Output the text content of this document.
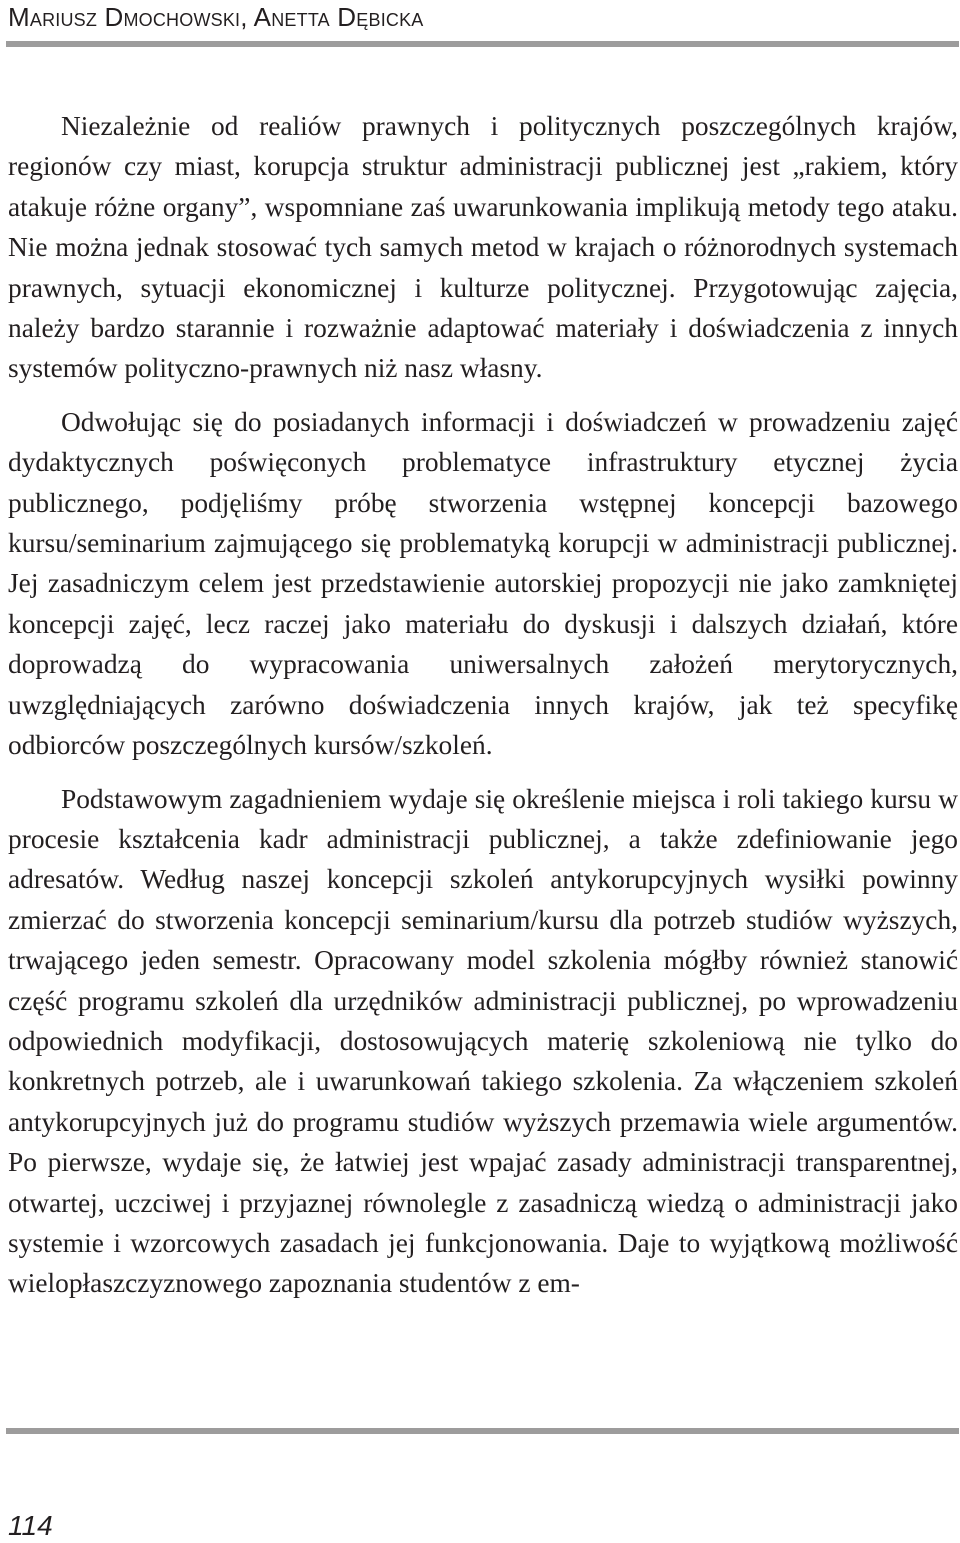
Mariusz Dmochowski, Anetta Dębicka

Niezależnie od realiów prawnych i politycznych poszczególnych krajów, regionów czy miast, korupcja struktur administracji publicznej jest „rakiem, który atakuje różne organy”, wspomniane zaś uwarunkowania implikują metody tego ataku. Nie można jednak stosować tych samych metod w krajach o różnorodnych systemach prawnych, sytuacji ekonomicznej i kulturze politycznej. Przygotowując zajęcia, należy bardzo starannie i rozważnie adaptować materiały i doświadczenia z innych systemów polityczno-prawnych niż nasz własny.

Odwołując się do posiadanych informacji i doświadczeń w prowadzeniu zajęć dydaktycznych poświęconych problematyce infrastruktury etycznej życia publicznego, podjęliśmy próbę stworzenia wstępnej koncepcji bazowego kursu/seminarium zajmującego się problematyką korupcji w administracji publicznej. Jej zasadniczym celem jest przedstawienie autorskiej propozycji nie jako zamkniętej koncepcji zajęć, lecz raczej jako materiału do dyskusji i dalszych działań, które doprowadzą do wypracowania uniwersalnych założeń merytorycznych, uwzględniających zarówno doświadczenia innych krajów, jak też specyfikę odbiorców poszczególnych kursów/szkoleń.

Podstawowym zagadnieniem wydaje się określenie miejsca i roli takiego kursu w procesie kształcenia kadr administracji publicznej, a także zdefiniowanie jego adresatów. Według naszej koncepcji szkoleń antykorupcyjnych wysiłki powinny zmierzać do stworzenia koncepcji seminarium/kursu dla potrzeb studiów wyższych, trwającego jeden semestr. Opracowany model szkolenia mógłby również stanowić część programu szkoleń dla urzędników administracji publicznej, po wprowadzeniu odpowiednich modyfikacji, dostosowujących materię szkoleniową nie tylko do konkretnych potrzeb, ale i uwarunkowań takiego szkolenia. Za włączeniem szkoleń antykorupcyjnych już do programu studiów wyższych przemawia wiele argumentów. Po pierwsze, wydaje się, że łatwiej jest wpajać zasady administracji transparentnej, otwartej, uczciwej i przyjaznej równolegle z zasadniczą wiedzą o administracji jako systemie i wzorcowych zasadach jej funkcjonowania. Daje to wyjątkową możliwość wielopłaszczyznowego zapoznania studentów z em-

114
